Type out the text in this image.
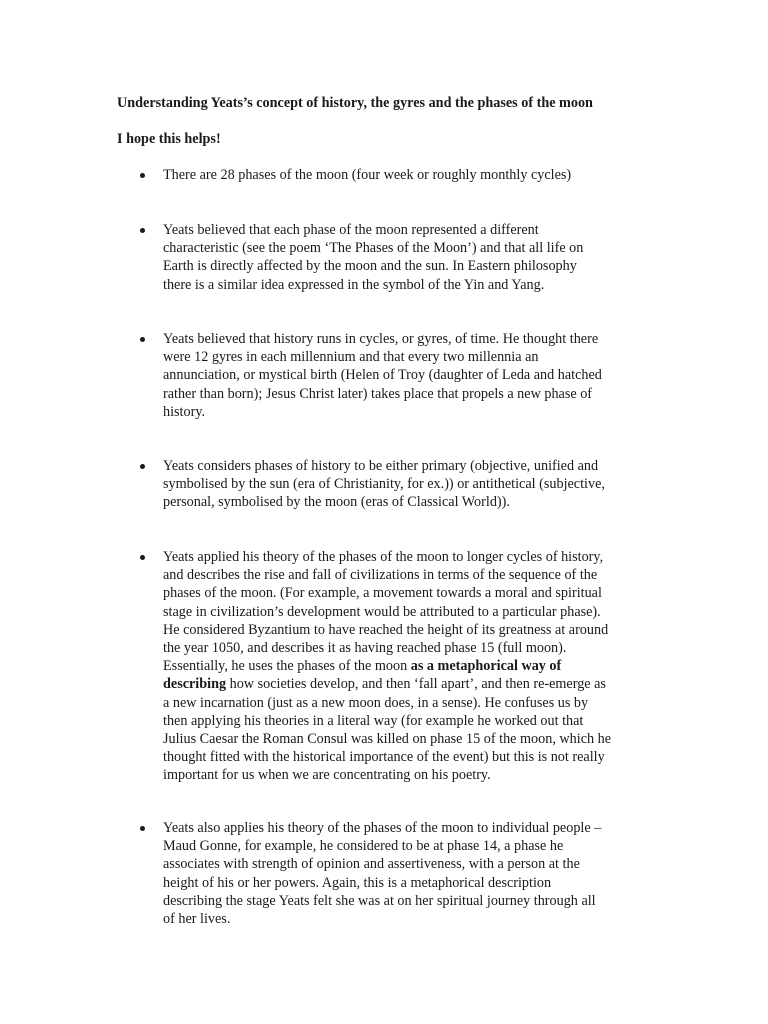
Understanding Yeats’s concept of history, the gyres and the phases of the moon
I hope this helps!
There are 28 phases of the moon (four week or roughly monthly cycles)
Yeats believed that each phase of the moon represented a different
characteristic (see the poem ‘The Phases of the Moon’) and that all life on
Earth is directly affected by the moon and the sun. In Eastern philosophy
there is a similar idea expressed in the symbol of the Yin and Yang.
Yeats believed that history runs in cycles, or gyres, of time. He thought there
were 12 gyres in each millennium and that every two millennia an
annunciation, or mystical birth (Helen of Troy (daughter of Leda and hatched
rather than born); Jesus Christ later) takes place that propels a new phase of
history.
Yeats considers phases of history to be either primary (objective, unified and
symbolised by the sun (era of Christianity, for ex.)) or antithetical (subjective,
personal, symbolised by the moon (eras of Classical World)).
Yeats applied his theory of the phases of the moon to longer cycles of history,
and describes the rise and fall of civilizations in terms of the sequence of the
phases of the moon. (For example, a movement towards a moral and spiritual
stage in civilization’s development would be attributed to a particular phase).
He considered Byzantium to have reached the height of its greatness at around
the year 1050, and describes it as having reached phase 15 (full moon).
Essentially, he uses the phases of the moon as a metaphorical way of
describing how societies develop, and then ‘fall apart’, and then re-emerge as
a new incarnation (just as a new moon does, in a sense). He confuses us by
then applying his theories in a literal way (for example he worked out that
Julius Caesar the Roman Consul was killed on phase 15 of the moon, which he
thought fitted with the historical importance of the event) but this is not really
important for us when we are concentrating on his poetry.
Yeats also applies his theory of the phases of the moon to individual people –
Maud Gonne, for example, he considered to be at phase 14, a phase he
associates with strength of opinion and assertiveness, with a person at the
height of his or her powers. Again, this is a metaphorical description
describing the stage Yeats felt she was at on her spiritual journey through all
of her lives.
